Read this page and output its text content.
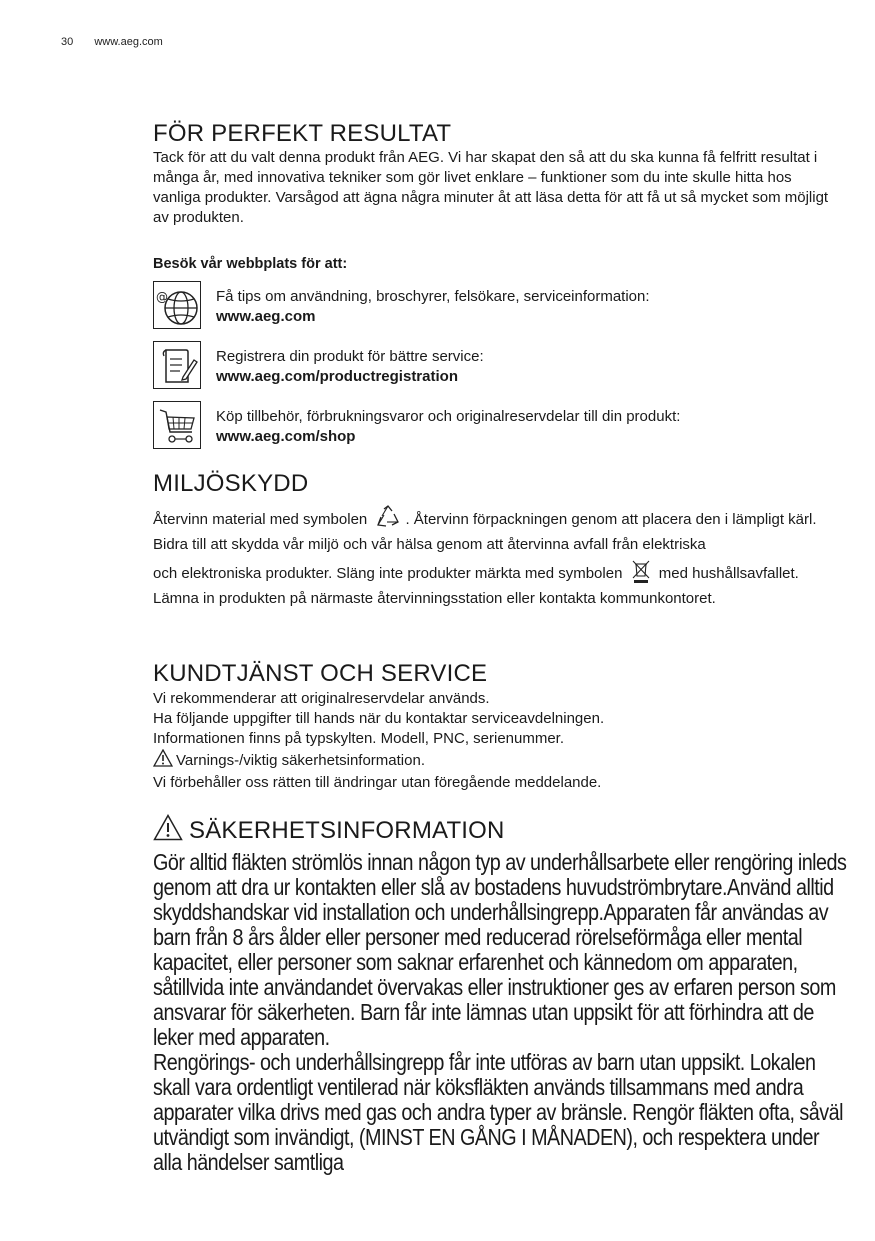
30 www.aeg.com
FÖR PERFEKT RESULTAT

Tack för att du valt denna produkt från AEG. Vi har skapat den så att du ska kunna få felfritt resultat i många år, med innovativa tekniker som gör livet enklare – funktioner som du inte skulle hitta hos vanliga produkter. Varsågod att ägna några minuter åt att läsa detta för att få ut så mycket som möjligt av produkten.

Besök vår webbplats för att:

@	Få tips om användning, broschyrer, felsökare, serviceinformation:
www.aeg.com
Registrera din produkt för bättre service:
www.aeg.com/productregistration
Köp tillbehör, förbrukningsvaror och originalreservdelar till din produkt:
www.aeg.com/shop
MILJÖSKYDD

Återvinn material med symbolen	. Återvinn förpackningen genom att placera den i lämpligt kärl.

Bidra till att skydda vår miljö och vår hälsa genom att återvinna avfall från elektriska

och elektroniska produkter. Släng inte produkter märkta med symbolen med hushållsavfallet. Lämna in produkten på närmaste återvinningsstation eller kontakta kommunkontoret.

KUNDTJÄNST OCH SERVICE

Vi rekommenderar att originalreservdelar används.

Ha följande uppgifter till hands när du kontaktar serviceavdelningen.

Informationen finns på typskylten. Modell, PNC, serienummer.

Varnings-/viktig säkerhetsinformation.

Vi förbehåller oss rätten till ändringar utan föregående meddelande.

SÄKERHETSINFORMATION

Gör alltid fläkten strömlös innan någon typ av underhållsarbete eller rengöring inleds genom att dra ur kontakten eller slå av bostadens huvudströmbrytare.Använd alltid skyddshandskar vid installation och underhållsingrepp.Apparaten får användas av barn från 8 års ålder eller personer med reducerad rörelseförmåga eller mental kapacitet, eller personer som saknar erfarenhet och kännedom om apparaten, såtillvida inte användandet övervakas eller instruktioner ges av erfaren person som ansvarar för säkerheten. Barn får inte lämnas utan uppsikt för att förhindra att de leker med apparaten.

Rengörings- och underhållsingrepp får inte utföras av barn utan uppsikt. Lokalen skall vara ordentligt ventilerad när köksfläkten används tillsammans med andra apparater vilka drivs med gas och andra typer av bränsle. Rengör fläkten ofta, såväl utvändigt som invändigt, (MINST EN GÅNG I MÅNADEN), och respektera under alla händelser samtliga
